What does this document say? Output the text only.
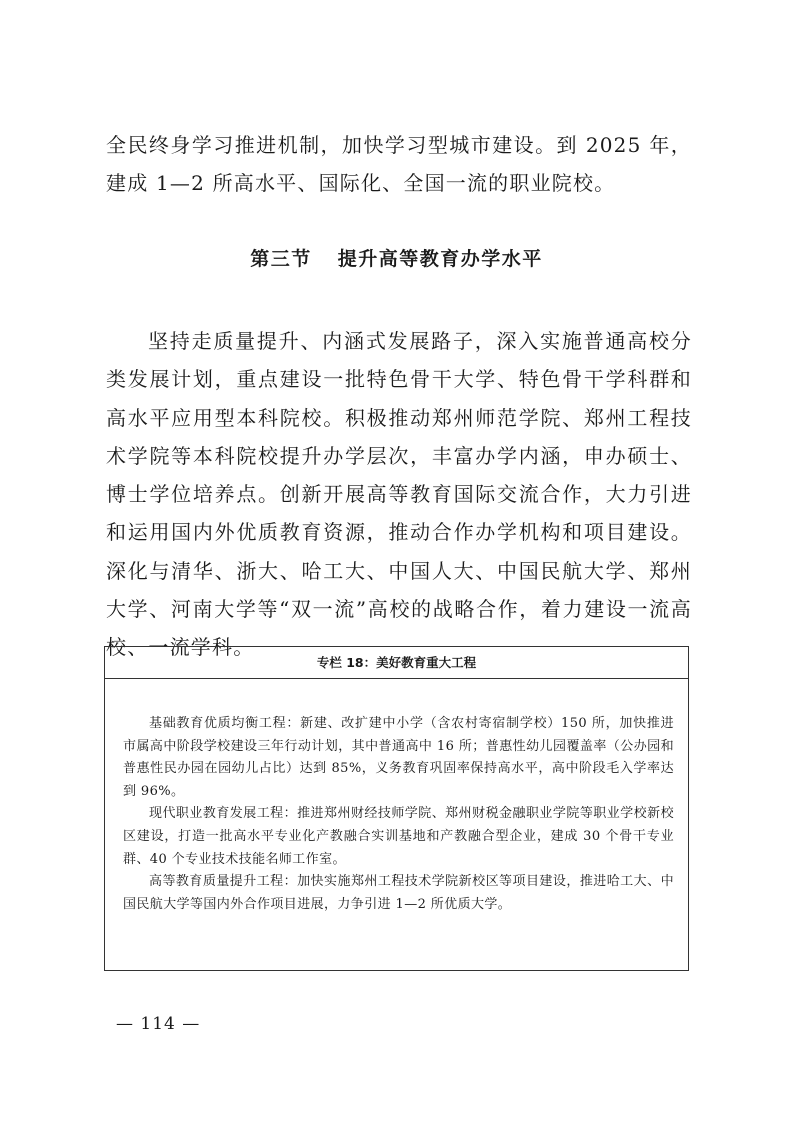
全民终身学习推进机制，加快学习型城市建设。到 2025 年，建成 1—2 所高水平、国际化、全国一流的职业院校。

第三节 提升高等教育办学水平

坚持走质量提升、内涵式发展路子，深入实施普通高校分类发展计划，重点建设一批特色骨干大学、特色骨干学科群和高水平应用型本科院校。积极推动郑州师范学院、郑州工程技术学院等本科院校提升办学层次，丰富办学内涵，申办硕士、博士学位培养点。创新开展高等教育国际交流合作，大力引进和运用国内外优质教育资源，推动合作办学机构和项目建设。深化与清华、浙大、哈工大、中国人大、中国民航大学、郑州大学、河南大学等“双一流”高校的战略合作，着力建设一流高校、一流学科。

专栏 18：美好教育重大工程

基础教育优质均衡工程：新建、改扩建中小学（含农村寄宿制学校）150 所，加快推进市属高中阶段学校建设三年行动计划，其中普通高中 16 所；普惠性幼儿园覆盖率（公办园和普惠性民办园在园幼儿占比）达到 85%，义务教育巩固率保持高水平，高中阶段毛入学率达到 96%。

现代职业教育发展工程：推进郑州财经技师学院、郑州财税金融职业学院等职业学校新校区建设，打造一批高水平专业化产教融合实训基地和产教融合型企业，建成 30 个骨干专业群、40 个专业技术技能名师工作室。

高等教育质量提升工程：加快实施郑州工程技术学院新校区等项目建设，推进哈工大、中国民航大学等国内外合作项目进展，力争引进 1—2 所优质大学。

— 114 —
